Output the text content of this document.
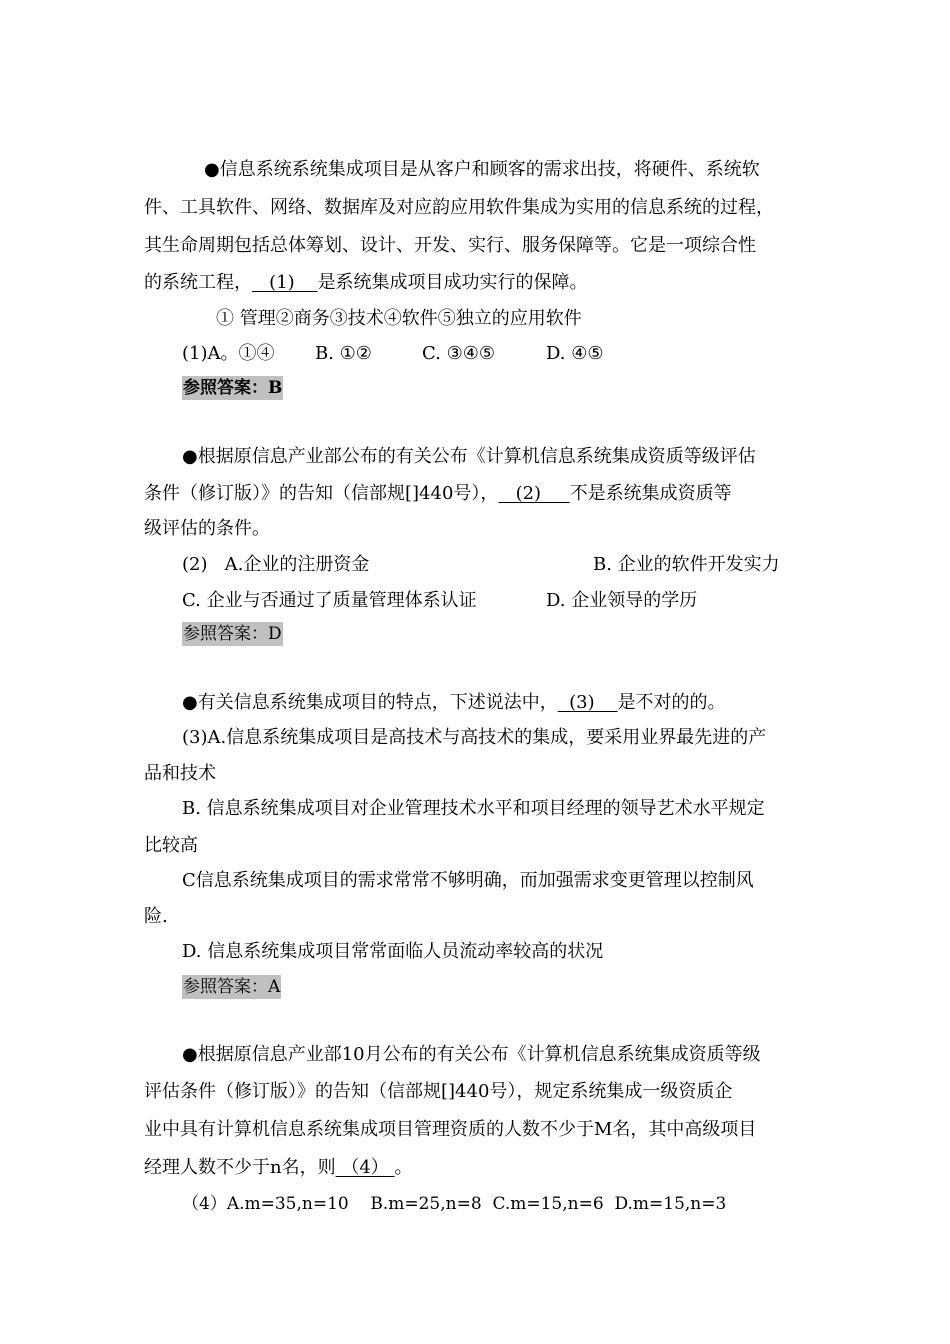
●信息系统系统集成项目是从客户和顾客的需求出技，将硬件、系统软
件、工具软件、网络、数据库及对应韵应用软件集成为实用的信息系统的过程，
其生命周期包括总体筹划、设计、开发、实行、服务保障等。它是一项综合性
的系统工程，   (1)    是系统集成项目成功实行的保障。
① 管理②商务③技术④软件⑤独立的应用软件
(1)A。①④ B. ①②	C. ③④⑤	D. ④⑤
参照答案：B
●根据原信息产业部公布的有关公布《计算机信息系统集成资质等级评估
条件（修订版）》的告知（信部规[]440号），   (2)     不是系统集成资质等
级评估的条件。
(2)   A.企业的注册资金	B. 企业的软件开发实力
C. 企业与否通过了质量管理体系认证	D. 企业领导的学历
参照答案：D
●有关信息系统集成项目的特点，下述说法中，  (3)    是不对的的。
(3)A.信息系统集成项目是高技术与高技术的集成，要采用业界最先进的产
品和技术
B. 信息系统集成项目对企业管理技术水平和项目经理的领导艺术水平规定
比较高
C信息系统集成项目的需求常常不够明确，而加强需求变更管理以控制风
险.
D. 信息系统集成项目常常面临人员流动率较高的状况
参照答案：A
●根据原信息产业部10月公布的有关公布《计算机信息系统集成资质等级
评估条件（修订版）》的告知（信部规[]440号），规定系统集成一级资质企
业中具有计算机信息系统集成项目管理资质的人数不少于M名，其中高级项目
经理人数不少于n名，则 （4） 。
（4）A.m=35,n=10    B.m=25,n=8  C.m=15,n=6  D.m=15,n=3
